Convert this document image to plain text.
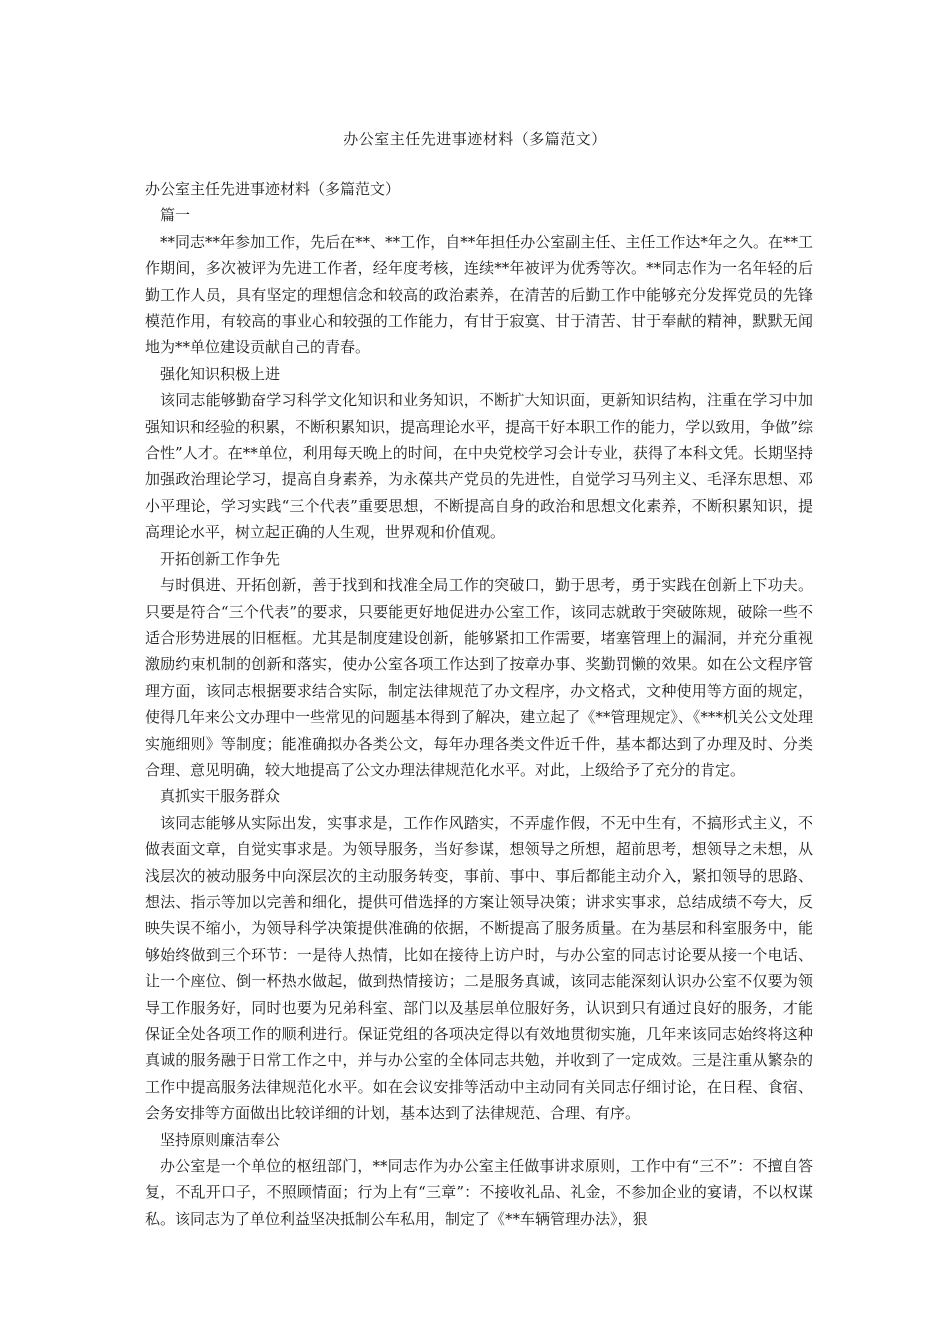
办公室主任先进事迹材料（多篇范文）

办公室主任先进事迹材料（多篇范文）

篇一

**同志**年参加工作，先后在**、**工作，自**年担任办公室副主任、主任工作达*年之久。在**工作期间，多次被评为先进工作者，经年度考核，连续**年被评为优秀等次。**同志作为一名年轻的后勤工作人员，具有坚定的理想信念和较高的政治素养，在清苦的后勤工作中能够充分发挥党员的先锋模范作用，有较高的事业心和较强的工作能力，有甘于寂寞、甘于清苦、甘于奉献的精神，默默无闻地为**单位建设贡献自己的青春。

强化知识积极上进

该同志能够勤奋学习科学文化知识和业务知识，不断扩大知识面，更新知识结构，注重在学习中加强知识和经验的积累，不断积累知识，提高理论水平，提高干好本职工作的能力，学以致用，争做”综合性”人才。在**单位，利用每天晚上的时间，在中央党校学习会计专业，获得了本科文凭。长期坚持加强政治理论学习，提高自身素养，为永葆共产党员的先进性，自觉学习马列主义、毛泽东思想、邓小平理论，学习实践“三个代表”重要思想，不断提高自身的政治和思想文化素养，不断积累知识，提高理论水平，树立起正确的人生观，世界观和价值观。

开拓创新工作争先

与时俱进、开拓创新，善于找到和找准全局工作的突破口，勤于思考，勇于实践在创新上下功夫。只要是符合“三个代表”的要求，只要能更好地促进办公室工作，该同志就敢于突破陈规，破除一些不适合形势进展的旧框框。尤其是制度建设创新，能够紧扣工作需要，堵塞管理上的漏洞，并充分重视激励约束机制的创新和落实，使办公室各项工作达到了按章办事、奖勤罚懒的效果。如在公文程序管理方面，该同志根据要求结合实际，制定法律规范了办文程序，办文格式，文种使用等方面的规定，使得几年来公文办理中一些常见的问题基本得到了解决，建立起了《**管理规定》、《***机关公文处理实施细则》等制度；能准确拟办各类公文，每年办理各类文件近千件，基本都达到了办理及时、分类合理、意见明确，较大地提高了公文办理法律规范化水平。对此，上级给予了充分的肯定。

真抓实干服务群众

该同志能够从实际出发，实事求是，工作作风踏实，不弄虚作假，不无中生有，不搞形式主义，不做表面文章，自觉实事求是。为领导服务，当好参谋，想领导之所想，超前思考，想领导之未想，从浅层次的被动服务中向深层次的主动服务转变，事前、事中、事后都能主动介入，紧扣领导的思路、想法、指示等加以完善和细化，提供可借选择的方案让领导决策；讲求实事求，总结成绩不夸大，反映失误不缩小，为领导科学决策提供准确的依据，不断提高了服务质量。在为基层和科室服务中，能够始终做到三个环节：一是待人热情，比如在接待上访户时，与办公室的同志讨论要从接一个电话、让一个座位、倒一杯热水做起，做到热情接访；二是服务真诚，该同志能深刻认识办公室不仅要为领导工作服务好，同时也要为兄弟科室、部门以及基层单位服好务，认识到只有通过良好的服务，才能保证全处各项工作的顺利进行。保证党组的各项决定得以有效地贯彻实施，几年来该同志始终将这种真诚的服务融于日常工作之中，并与办公室的全体同志共勉，并收到了一定成效。三是注重从繁杂的工作中提高服务法律规范化水平。如在会议安排等活动中主动同有关同志仔细讨论，在日程、食宿、会务安排等方面做出比较详细的计划，基本达到了法律规范、合理、有序。

坚持原则廉洁奉公

办公室是一个单位的枢纽部门，**同志作为办公室主任做事讲求原则，工作中有“三不”：不擅自答复，不乱开口子，不照顾情面；行为上有“三章”：不接收礼品、礼金，不参加企业的宴请，不以权谋私。该同志为了单位利益坚决抵制公车私用，制定了《**车辆管理办法》，狠
